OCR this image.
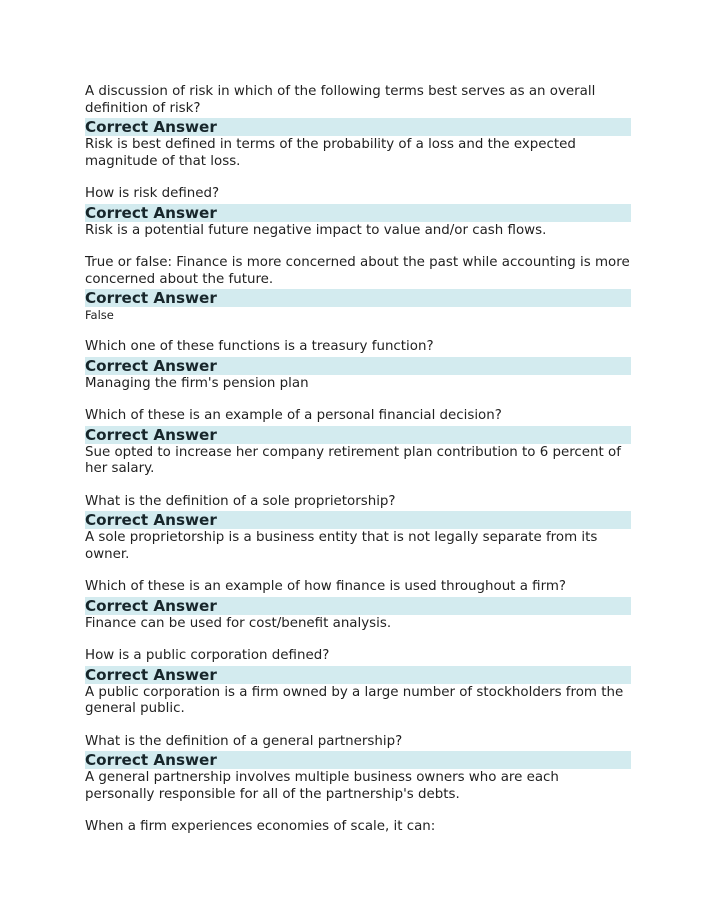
A discussion of risk in which of the following terms best serves as an overall definition of risk?

Correct Answer

Risk is best defined in terms of the probability of a loss and the expected magnitude of that loss.

How is risk defined?

Correct Answer

Risk is a potential future negative impact to value and/or cash flows.

True or false: Finance is more concerned about the past while accounting is more concerned about the future.

Correct Answer

False

Which one of these functions is a treasury function?

Correct Answer

Managing the firm's pension plan

Which of these is an example of a personal financial decision?

Correct Answer

Sue opted to increase her company retirement plan contribution to 6 percent of her salary.

What is the definition of a sole proprietorship?

Correct Answer

A sole proprietorship is a business entity that is not legally separate from its owner.

Which of these is an example of how finance is used throughout a firm?

Correct Answer

Finance can be used for cost/benefit analysis.

How is a public corporation defined?

Correct Answer

A public corporation is a firm owned by a large number of stockholders from the general public.

What is the definition of a general partnership?

Correct Answer

A general partnership involves multiple business owners who are each personally responsible for all of the partnership's debts.

When a firm experiences economies of scale, it can:
